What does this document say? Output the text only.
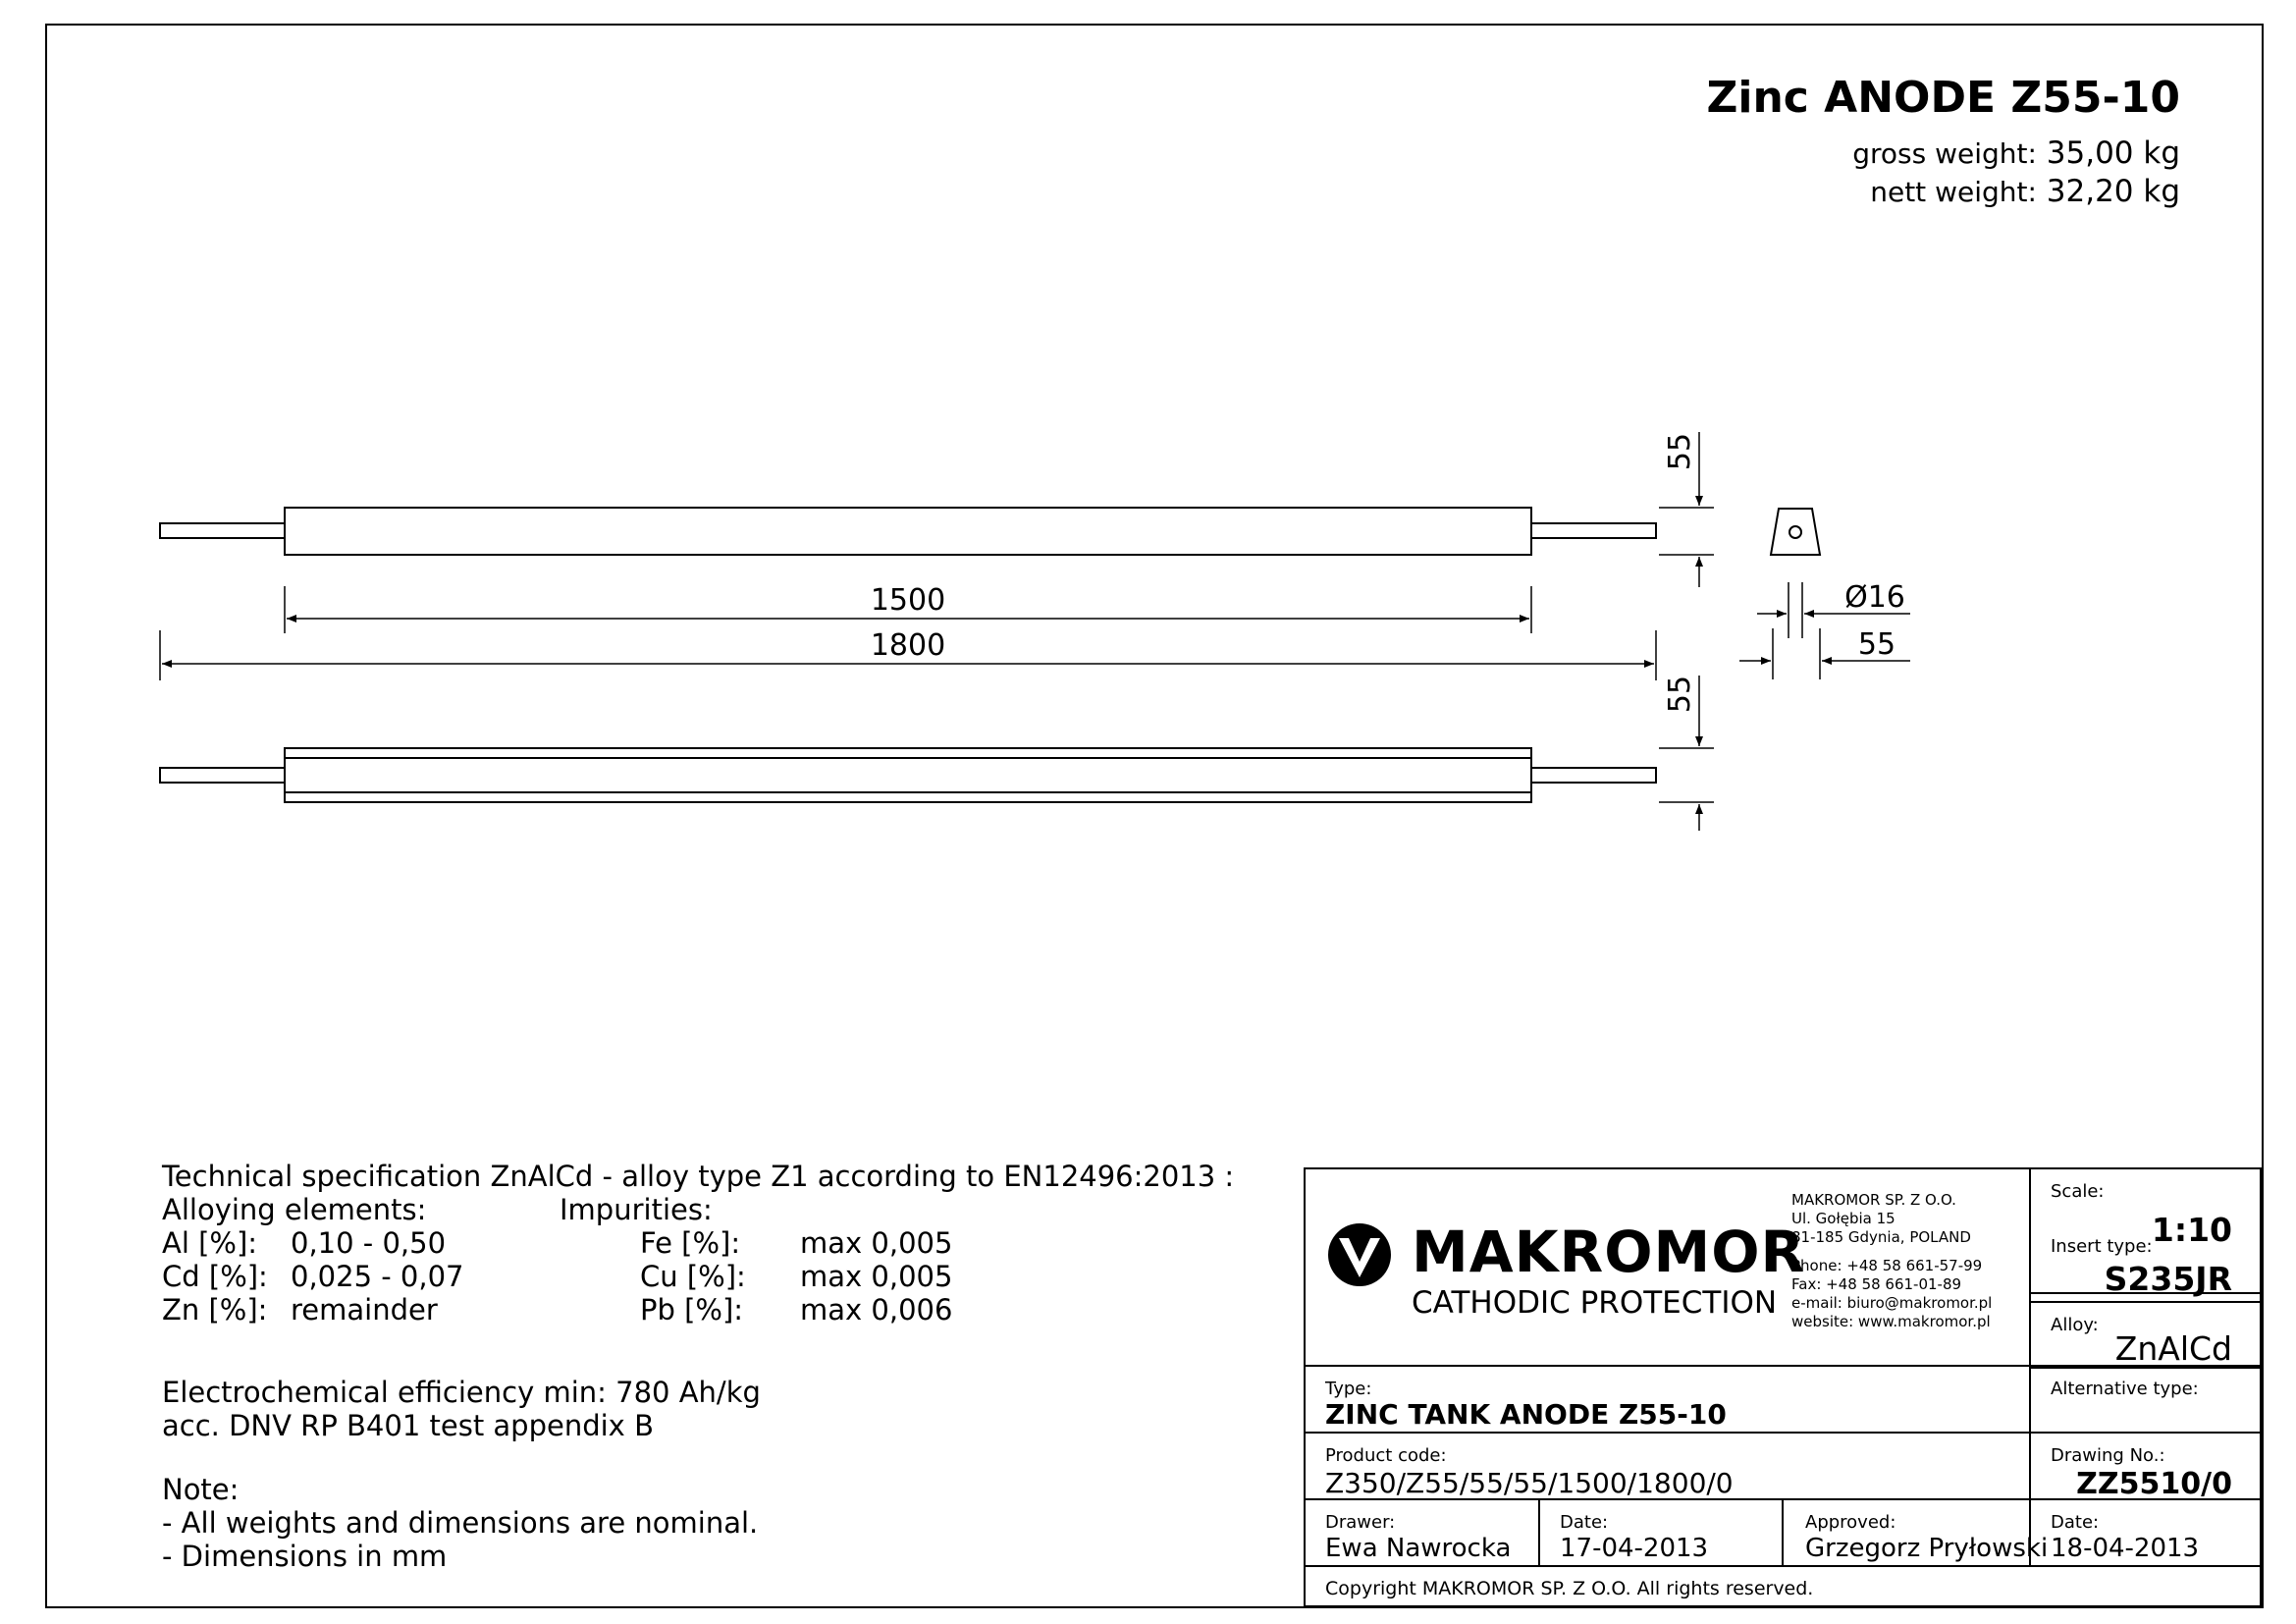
1500
1800
55
55
Ø16
55
Zinc ANODE Z55-10
gross weight: 35,00 kg
nett weight: 32,20 kg
Technical specification ZnAlCd - alloy type Z1 according to EN12496:2013 :
Alloying elements:	Impurities:
Al [%]: 0,10 - 0,50
Cd [%]: 0,025 - 0,07
Zn [%]: remainder
Fe [%]: max 0,005
Cu [%]: max 0,005
Pb [%]: max 0,006
Electrochemical efficiency min: 780 Ah/kg
acc. DNV RP B401 test appendix B
Note:
- All weights and dimensions are nominal.
- Dimensions in mm
MAKROMOR
CATHODIC PROTECTION
MAKROMOR SP. Z O.O.
Ul. Gołębia 15
81-185 Gdynia, POLAND
Phone: +48 58 661-57-99
Fax: +48 58 661-01-89
e-mail: biuro@makromor.pl
website: www.makromor.pl
Scale:
1:10
Insert type:
S235JR
Alloy:
ZnAlCd
Type:
ZINC TANK ANODE Z55-10
Alternative type:
Product code:
Z350/Z55/55/55/1500/1800/0
Drawing No.:
ZZ5510/0
Drawer:
Ewa Nawrocka
Date:
17-04-2013
Approved:
Grzegorz Pryłowski
Date:
18-04-2013
Copyright MAKROMOR SP. Z O.O. All rights reserved.
